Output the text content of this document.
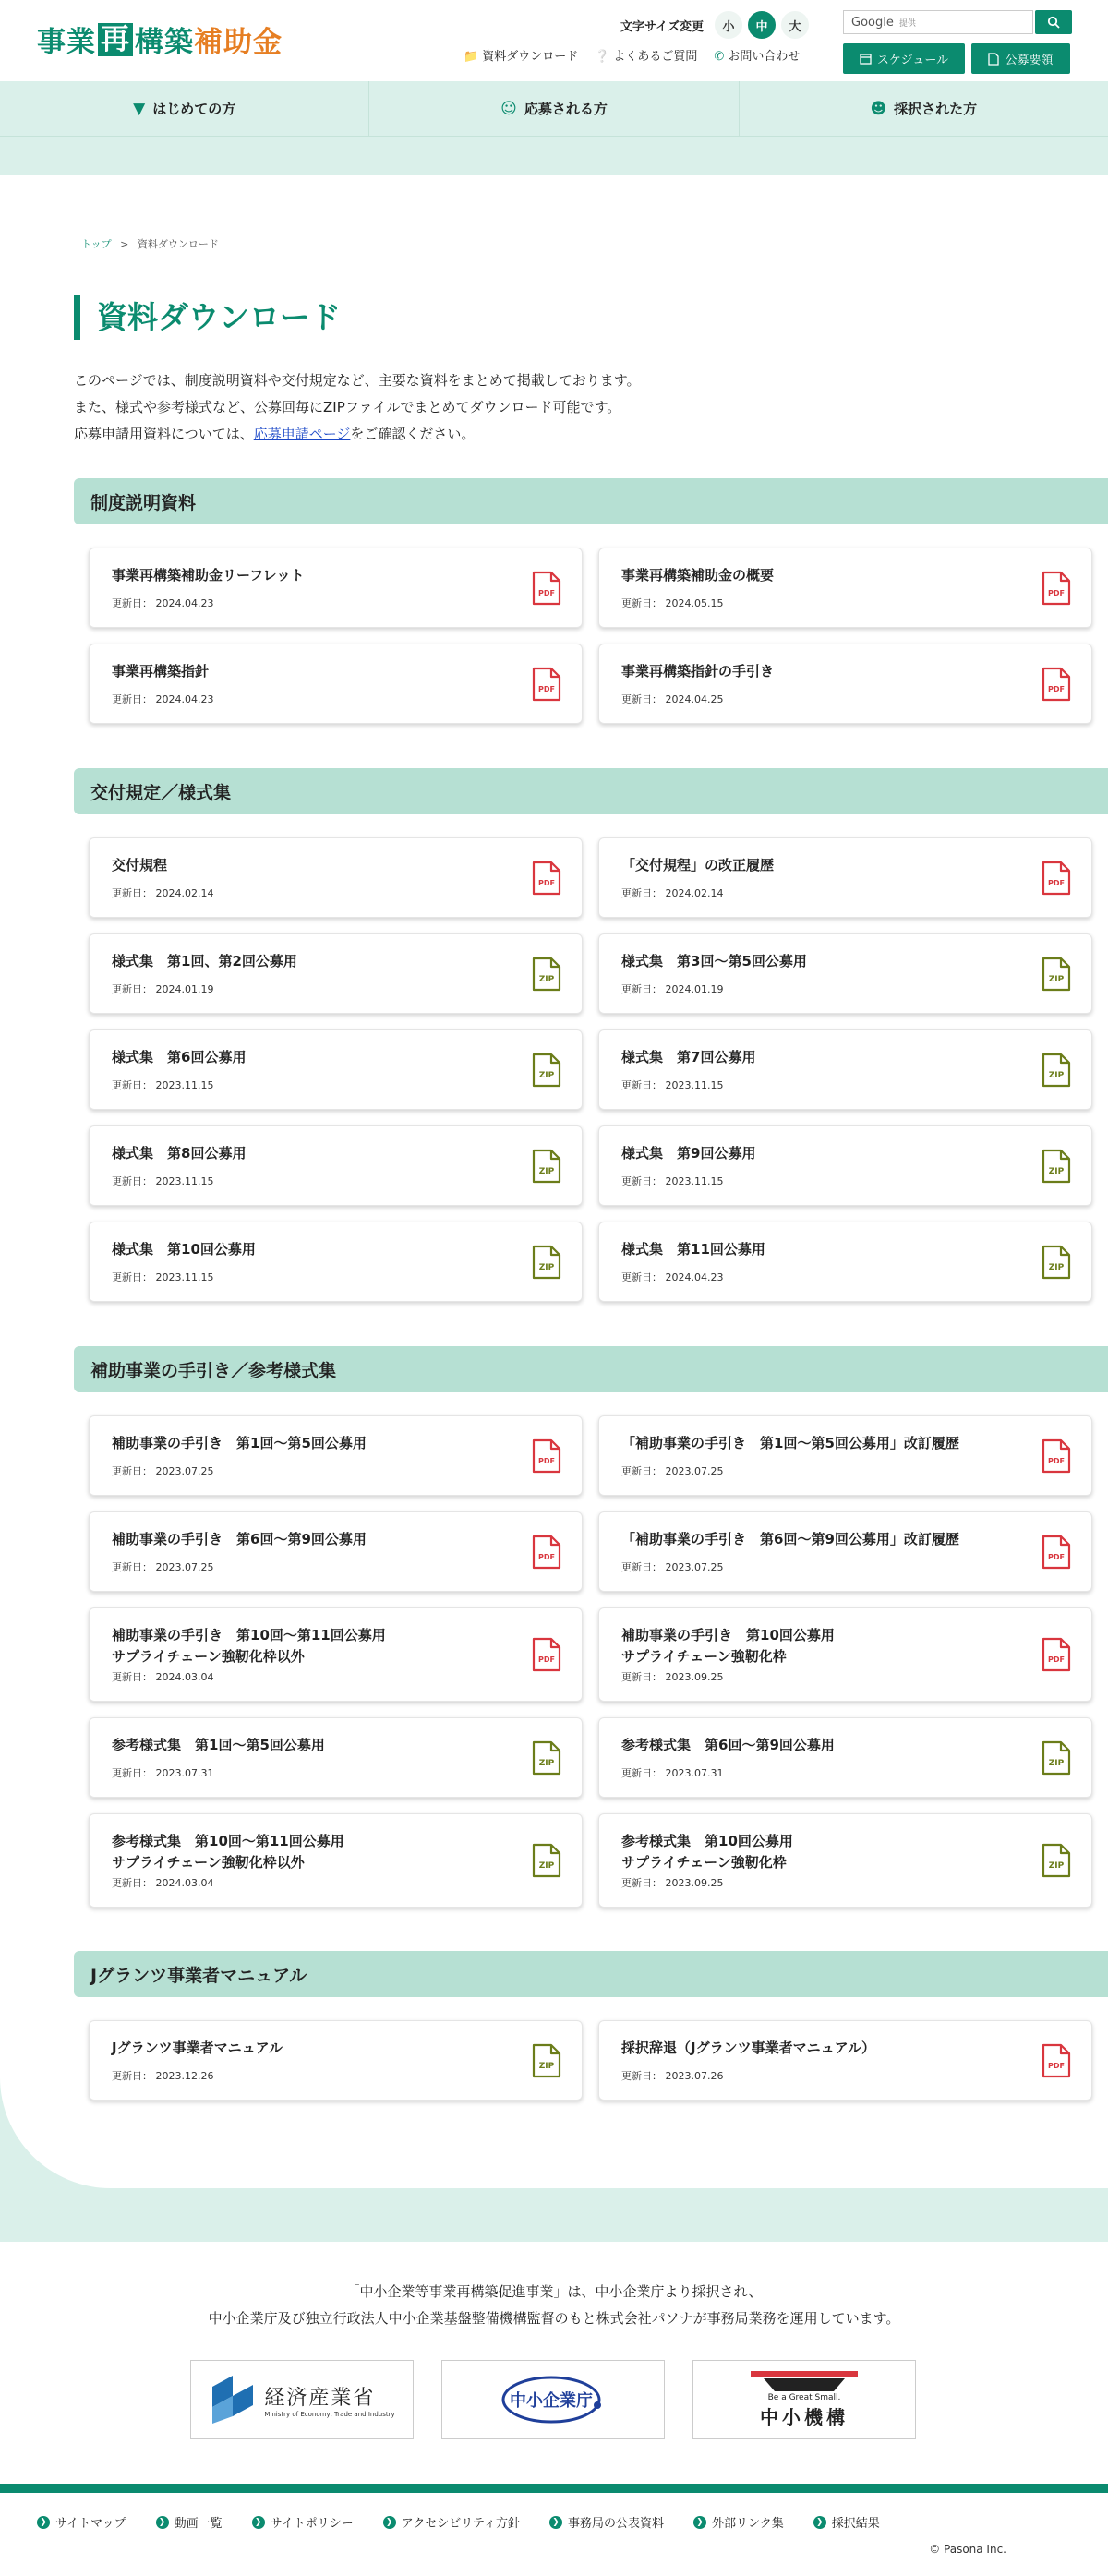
事業 再 構築 補助金	文字サイズ変更	小	中	大	Google 提供
📁 資料ダウンロード ❔ よくあるご質問 ✆ お問い合わせ	スケジュール	公募要領
▼ はじめての方	☺ 応募される方	☻ 採択された方
トップ > 資料ダウンロード
資料ダウンロード
このページでは、制度説明資料や交付規定など、主要な資料をまとめて掲載しております。
また、様式や参考様式など、公募回毎にZIPファイルでまとめてダウンロード可能です。
応募申請用資料については、応募申請ページをご確認ください。
制度説明資料
事業再構築補助金リーフレット
更新日： 2024.04.23
PDF
事業再構築補助金の概要
更新日： 2024.05.15
PDF
事業再構築指針
更新日： 2024.04.23
PDF
事業再構築指針の手引き
更新日： 2024.04.25
PDF
交付規定／様式集
交付規程
更新日： 2024.02.14
PDF
「交付規程」の改正履歴
更新日： 2024.02.14
PDF
様式集　第1回、第2回公募用
更新日： 2024.01.19
ZIP
様式集　第3回～第5回公募用
更新日： 2024.01.19
ZIP
様式集　第6回公募用
更新日： 2023.11.15
ZIP
様式集　第7回公募用
更新日： 2023.11.15
ZIP
様式集　第8回公募用
更新日： 2023.11.15
ZIP
様式集　第9回公募用
更新日： 2023.11.15
ZIP
様式集　第10回公募用
更新日： 2023.11.15
ZIP
様式集　第11回公募用
更新日： 2024.04.23
ZIP
補助事業の手引き／参考様式集
補助事業の手引き　第1回～第5回公募用
更新日： 2023.07.25
PDF
「補助事業の手引き　第1回～第5回公募用」改訂履歴
更新日： 2023.07.25
PDF
補助事業の手引き　第6回～第9回公募用
更新日： 2023.07.25
PDF
「補助事業の手引き　第6回～第9回公募用」改訂履歴
更新日： 2023.07.25
PDF
補助事業の手引き　第10回～第11回公募用
サプライチェーン強靭化枠以外
更新日： 2024.03.04
PDF
補助事業の手引き　第10回公募用
サプライチェーン強靭化枠
更新日： 2023.09.25
PDF
参考様式集　第1回～第5回公募用
更新日： 2023.07.31
ZIP
参考様式集　第6回～第9回公募用
更新日： 2023.07.31
ZIP
参考様式集　第10回～第11回公募用
サプライチェーン強靭化枠以外
更新日： 2024.03.04
ZIP
参考様式集　第10回公募用
サプライチェーン強靭化枠
更新日： 2023.09.25
ZIP
Jグランツ事業者マニュアル
Jグランツ事業者マニュアル
更新日： 2023.12.26
ZIP
採択辞退（Jグランツ事業者マニュアル）
更新日： 2023.07.26
PDF
「中小企業等事業再構築促進事業」は、中小企業庁より採択され、
中小企業庁及び独立行政法人中小企業基盤整備機構監督のもと株式会社パソナが事務局業務を運用しています。
経済産業省
Ministry of Economy, Trade and Industry
中小企業庁	Be a Great Small.
中小機構
❯ サイトマップ	❯ 動画一覧	❯ サイトポリシー	❯ アクセシビリティ方針	❯ 事務局の公表資料	❯ 外部リンク集	❯ 採択結果
© Pasona Inc.
